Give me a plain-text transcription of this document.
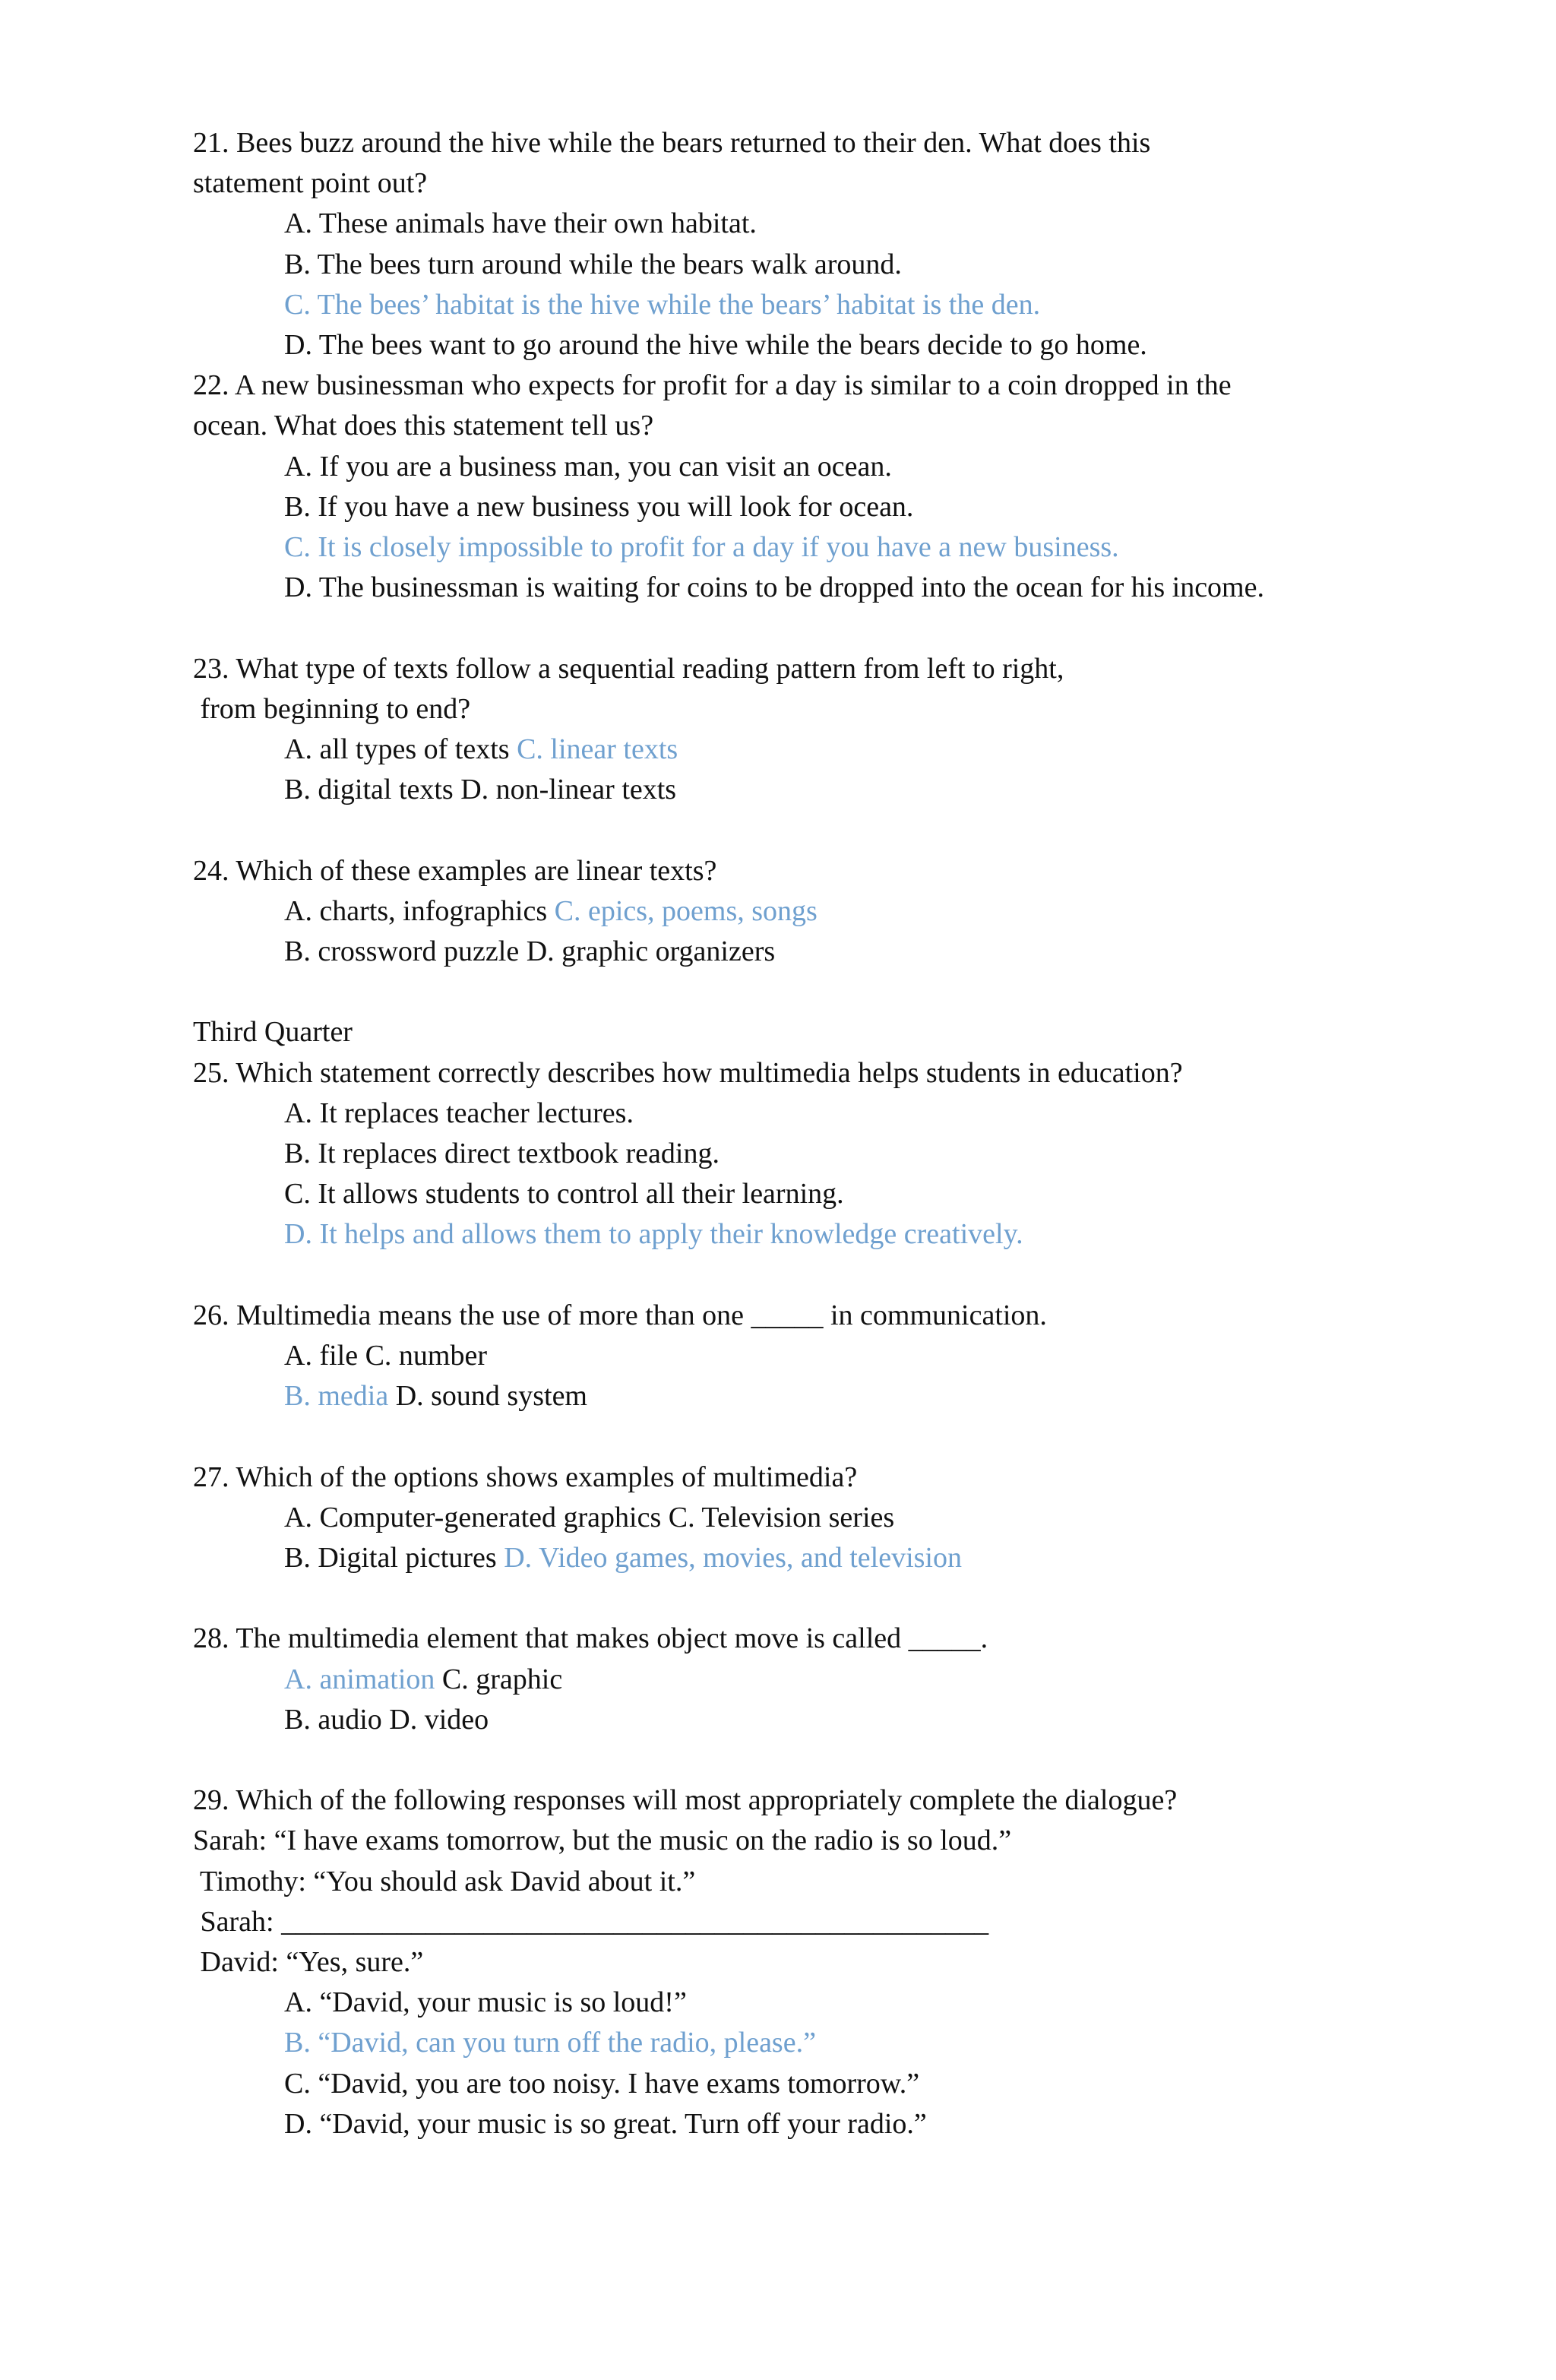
21. Bees buzz around the hive while the bears returned to their den. What does this
statement point out?
A. These animals have their own habitat.
B. The bees turn around while the bears walk around.
C. The bees’ habitat is the hive while the bears’ habitat is the den.
D. The bees want to go around the hive while the bears decide to go home.
22. A new businessman who expects for profit for a day is similar to a coin dropped in the
ocean. What does this statement tell us?
A. If you are a business man, you can visit an ocean.
B. If you have a new business you will look for ocean.
C. It is closely impossible to profit for a day if you have a new business.
D. The businessman is waiting for coins to be dropped into the ocean for his income.
23. What type of texts follow a sequential reading pattern from left to right,
from beginning to end?
A. all types of texts C. linear texts
B. digital texts D. non-linear texts
24. Which of these examples are linear texts?
A. charts, infographics C. epics, poems, songs
B. crossword puzzle D. graphic organizers
Third Quarter
25. Which statement correctly describes how multimedia helps students in education?
A. It replaces teacher lectures.
B. It replaces direct textbook reading.
C. It allows students to control all their learning.
D. It helps and allows them to apply their knowledge creatively.
26. Multimedia means the use of more than one _____ in communication.
A. file C. number
B. media D. sound system
27. Which of the options shows examples of multimedia?
A. Computer-generated graphics C. Television series
B. Digital pictures D. Video games, movies, and television
28. The multimedia element that makes object move is called _____.
A. animation C. graphic
B. audio D. video
29. Which of the following responses will most appropriately complete the dialogue?
Sarah: “I have exams tomorrow, but the music on the radio is so loud.”
Timothy: “You should ask David about it.”
Sarah: _________________________________________________
David: “Yes, sure.”
A. “David, your music is so loud!”
B. “David, can you turn off the radio, please.”
C. “David, you are too noisy. I have exams tomorrow.”
D. “David, your music is so great. Turn off your radio.”
